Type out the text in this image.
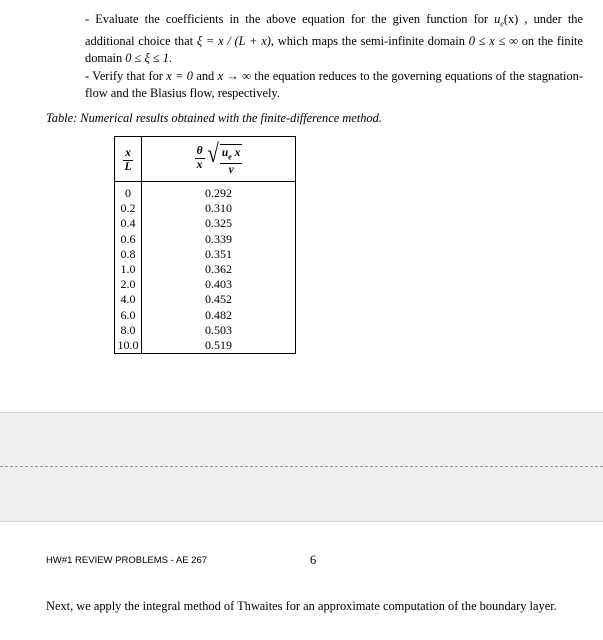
- Evaluate the coefficients in the above equation for the given function for $u_e(x)$ , under the additional choice that ξ = x / (L + x), which maps the semi-infinite domain 0 ≤ x ≤ ∞ on the finite domain 0 ≤ ξ ≤ 1.

- Verify that for x = 0 and x → ∞ the equation reduces to the governing equations of the stagnation-flow and the Blasius flow, respectively.

Table: Numerical results obtained with the finite-difference method.
$\frac{x}{L}$	$\frac{\theta}{x}$ √ $\frac{u_e x}{\nu}$

0	0.292
0.2	0.310
0.4	0.325
0.6	0.339
0.8	0.351
1.0	0.362
2.0	0.403
4.0	0.452
6.0	0.482
8.0	0.503
10.0	0.519
HW#1 REVIEW PROBLEMS - AE 267	6
Next, we apply the integral method of Thwaites for an approximate computation of the boundary layer.
